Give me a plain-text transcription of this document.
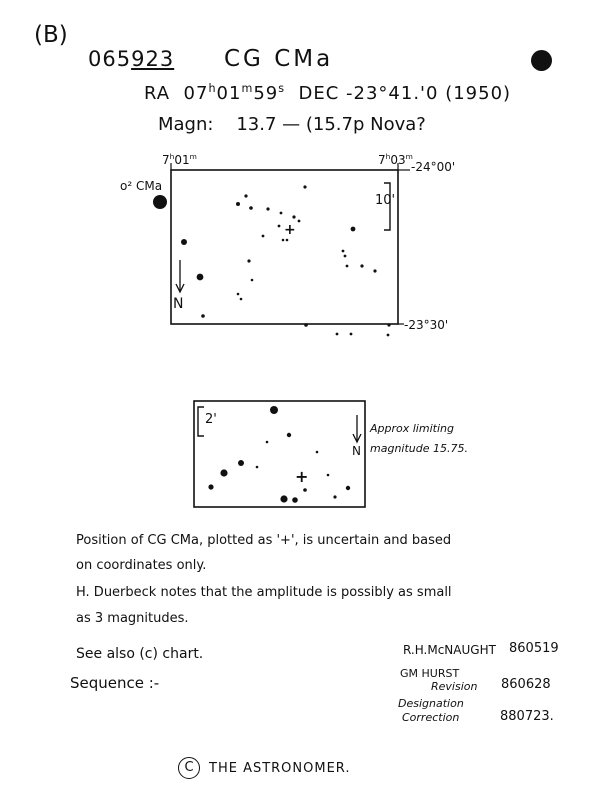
(B)
065923 CG CMa
RA 07$^h$01$^m$59$^s$ DEC -23°41.'0 (1950)
Magn: 13.7 — (15.7p Nova?
7$^h$01$^m$	7$^h$03$^m$
-24°00'
-23°30'
o² CMa
10'
N
+
2'
N
+
Approx limiting
magnitude 15.75.
Position of CG CMa, plotted as '+', is uncertain and based
on coordinates only.
H. Duerbeck notes that the amplitude is possibly as small
as 3 magnitudes.
See also (c) chart.
Sequence :-
R.H.McNAUGHT 860519
GM HURST
Revision 860628
Designation
Correction	880723.
C	THE ASTRONOMER.
